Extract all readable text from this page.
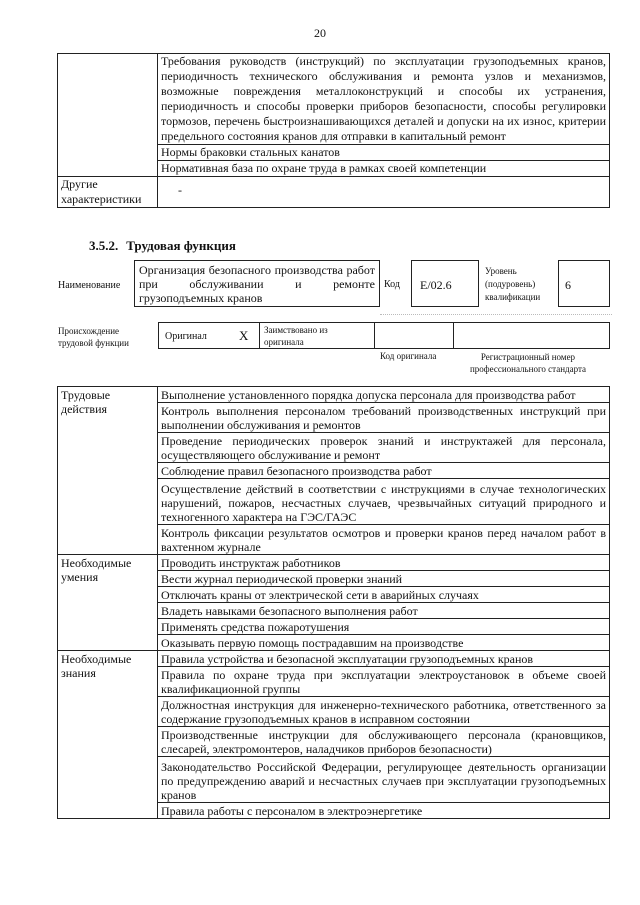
20
	Требования руководств (инструкций) по эксплуатации грузоподъемных кранов, периодичность технического обслуживания и ремонта узлов и механизмов, возможные повреждения металлоконструкций и способы их устранения, периодичность и способы проверки приборов безопасности, способы регулировки тормозов, перечень быстроизнашивающихся деталей и допуски на их износ, критерии предельного состояния кранов для отправки в капитальный ремонт
	Нормы браковки стальных канатов
	Нормативная база по охране труда в рамках своей компетенции
Другие характеристики	-
3.5.2. Трудовая функция
Наименование
Организация безопасного производства работ при обслуживании и ремонте грузоподъемных кранов
Код	E/02.6
Уровень
(подуровень)
квалификации
6
Происхождение
трудовой функции
Оригинал X Заимствовано из
оригинала
Код оригинала	Регистрационный номер
профессионального стандарта
Трудовые
действия	Выполнение установленного порядка допуска персонала для производства работ
	Контроль выполнения персоналом требований производственных инструкций при выполнении обслуживания и ремонтов
	Проведение периодических проверок знаний и инструктажей для персонала, осуществляющего обслуживание и ремонт
	Соблюдение правил безопасного производства работ
	Осуществление действий в соответствии с инструкциями в случае технологических нарушений, пожаров, несчастных случаев, чрезвычайных ситуаций природного и техногенного характера на ГЭС/ГАЭС
	Контроль фиксации результатов осмотров и проверки кранов перед началом работ в вахтенном журнале

Необходимые
умения	Проводить инструктаж работников
	Вести журнал периодической проверки знаний
	Отключать краны от электрической сети в аварийных случаях
	Владеть навыками безопасного выполнения работ
	Применять средства пожаротушения
	Оказывать первую помощь пострадавшим на производстве

Необходимые
знания	Правила устройства и безопасной эксплуатации грузоподъемных кранов
	Правила по охране труда при эксплуатации электроустановок в объеме своей квалификационной группы
	Должностная инструкция для инженерно-технического работника, ответственного за содержание грузоподъемных кранов в исправном состоянии
	Производственные инструкции для обслуживающего персонала (крановщиков, слесарей, электромонтеров, наладчиков приборов безопасности)
	Законодательство Российской Федерации, регулирующее деятельность организации по предупреждению аварий и несчастных случаев при эксплуатации грузоподъемных кранов
	Правила работы с персоналом в электроэнергетике
